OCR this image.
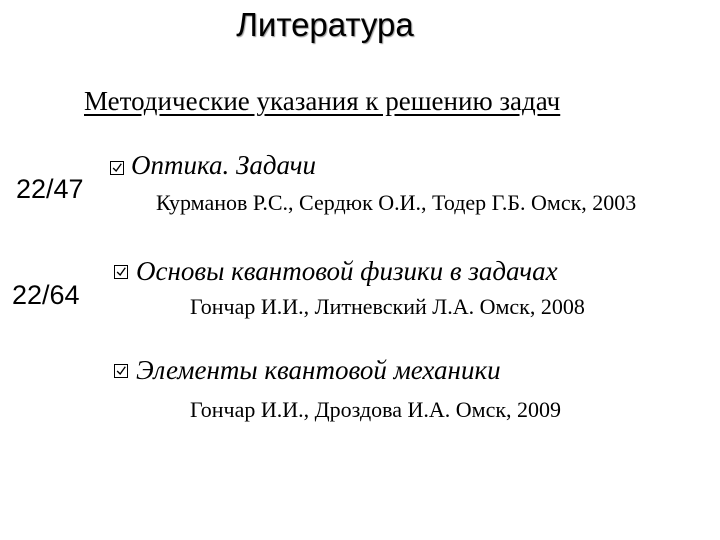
Литература
Методические указания к решению задач
22/47
22/64
Оптика. Задачи
Курманов Р.С., Сердюк О.И., Тодер Г.Б. Омск, 2003
Основы квантовой физики в задачах
Гончар И.И., Литневский Л.А. Омск, 2008
Элементы квантовой механики
Гончар И.И., Дроздова И.А. Омск, 2009
